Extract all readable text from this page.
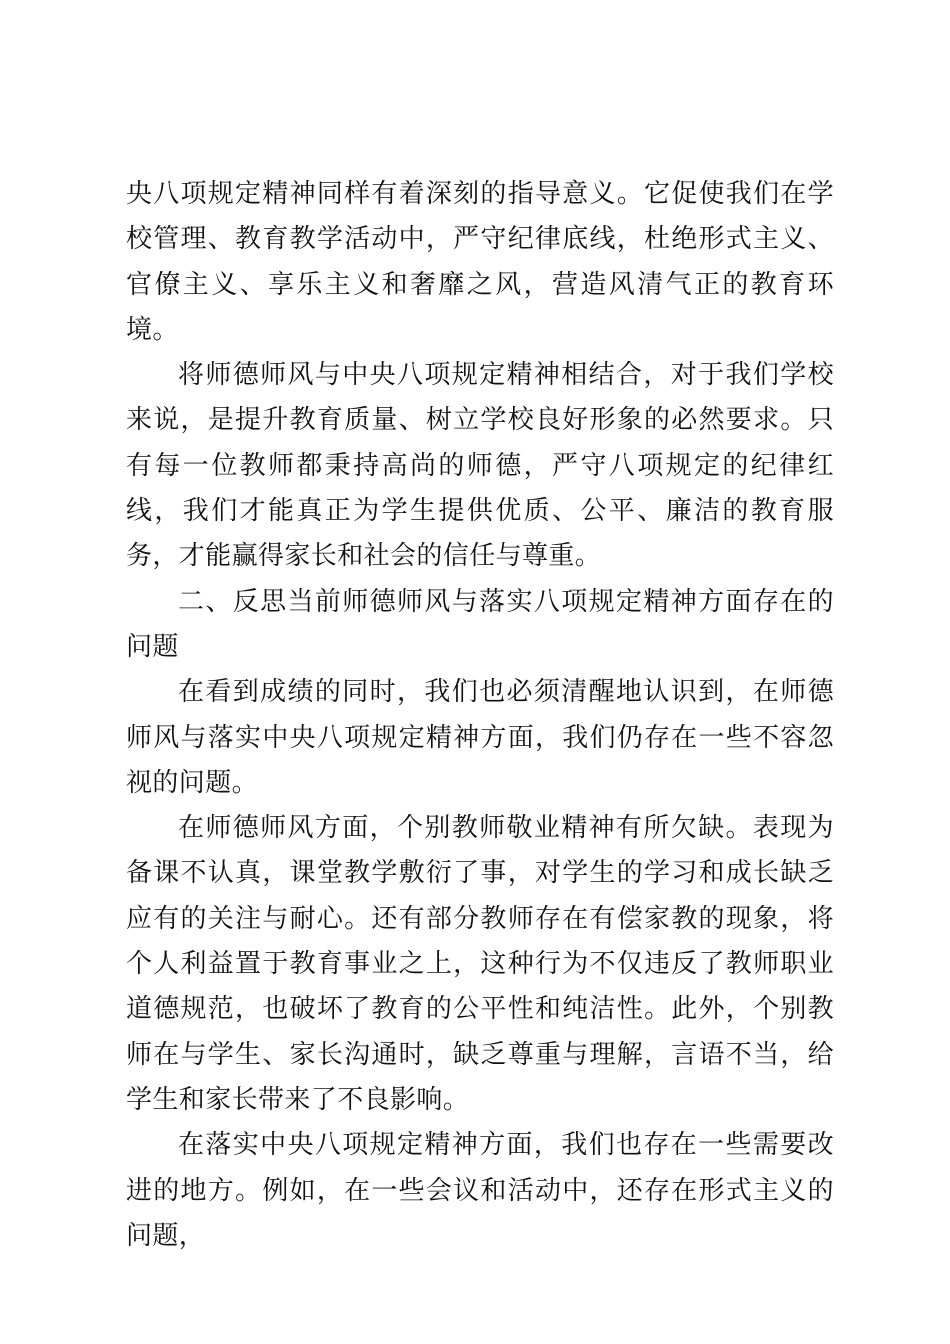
央八项规定精神同样有着深刻的指导意义。它促使我们在学校管理、教育教学活动中，严守纪律底线，杜绝形式主义、官僚主义、享乐主义和奢靡之风，营造风清气正的教育环境。

将师德师风与中央八项规定精神相结合，对于我们学校来说，是提升教育质量、树立学校良好形象的必然要求。只有每一位教师都秉持高尚的师德，严守八项规定的纪律红线，我们才能真正为学生提供优质、公平、廉洁的教育服务，才能赢得家长和社会的信任与尊重。

二、反思当前师德师风与落实八项规定精神方面存在的问题

在看到成绩的同时，我们也必须清醒地认识到，在师德师风与落实中央八项规定精神方面，我们仍存在一些不容忽视的问题。

在师德师风方面，个别教师敬业精神有所欠缺。表现为备课不认真，课堂教学敷衍了事，对学生的学习和成长缺乏应有的关注与耐心。还有部分教师存在有偿家教的现象，将个人利益置于教育事业之上，这种行为不仅违反了教师职业道德规范，也破坏了教育的公平性和纯洁性。此外，个别教师在与学生、家长沟通时，缺乏尊重与理解，言语不当，给学生和家长带来了不良影响。

在落实中央八项规定精神方面，我们也存在一些需要改进的地方。例如，在一些会议和活动中，还存在形式主义的问题，
